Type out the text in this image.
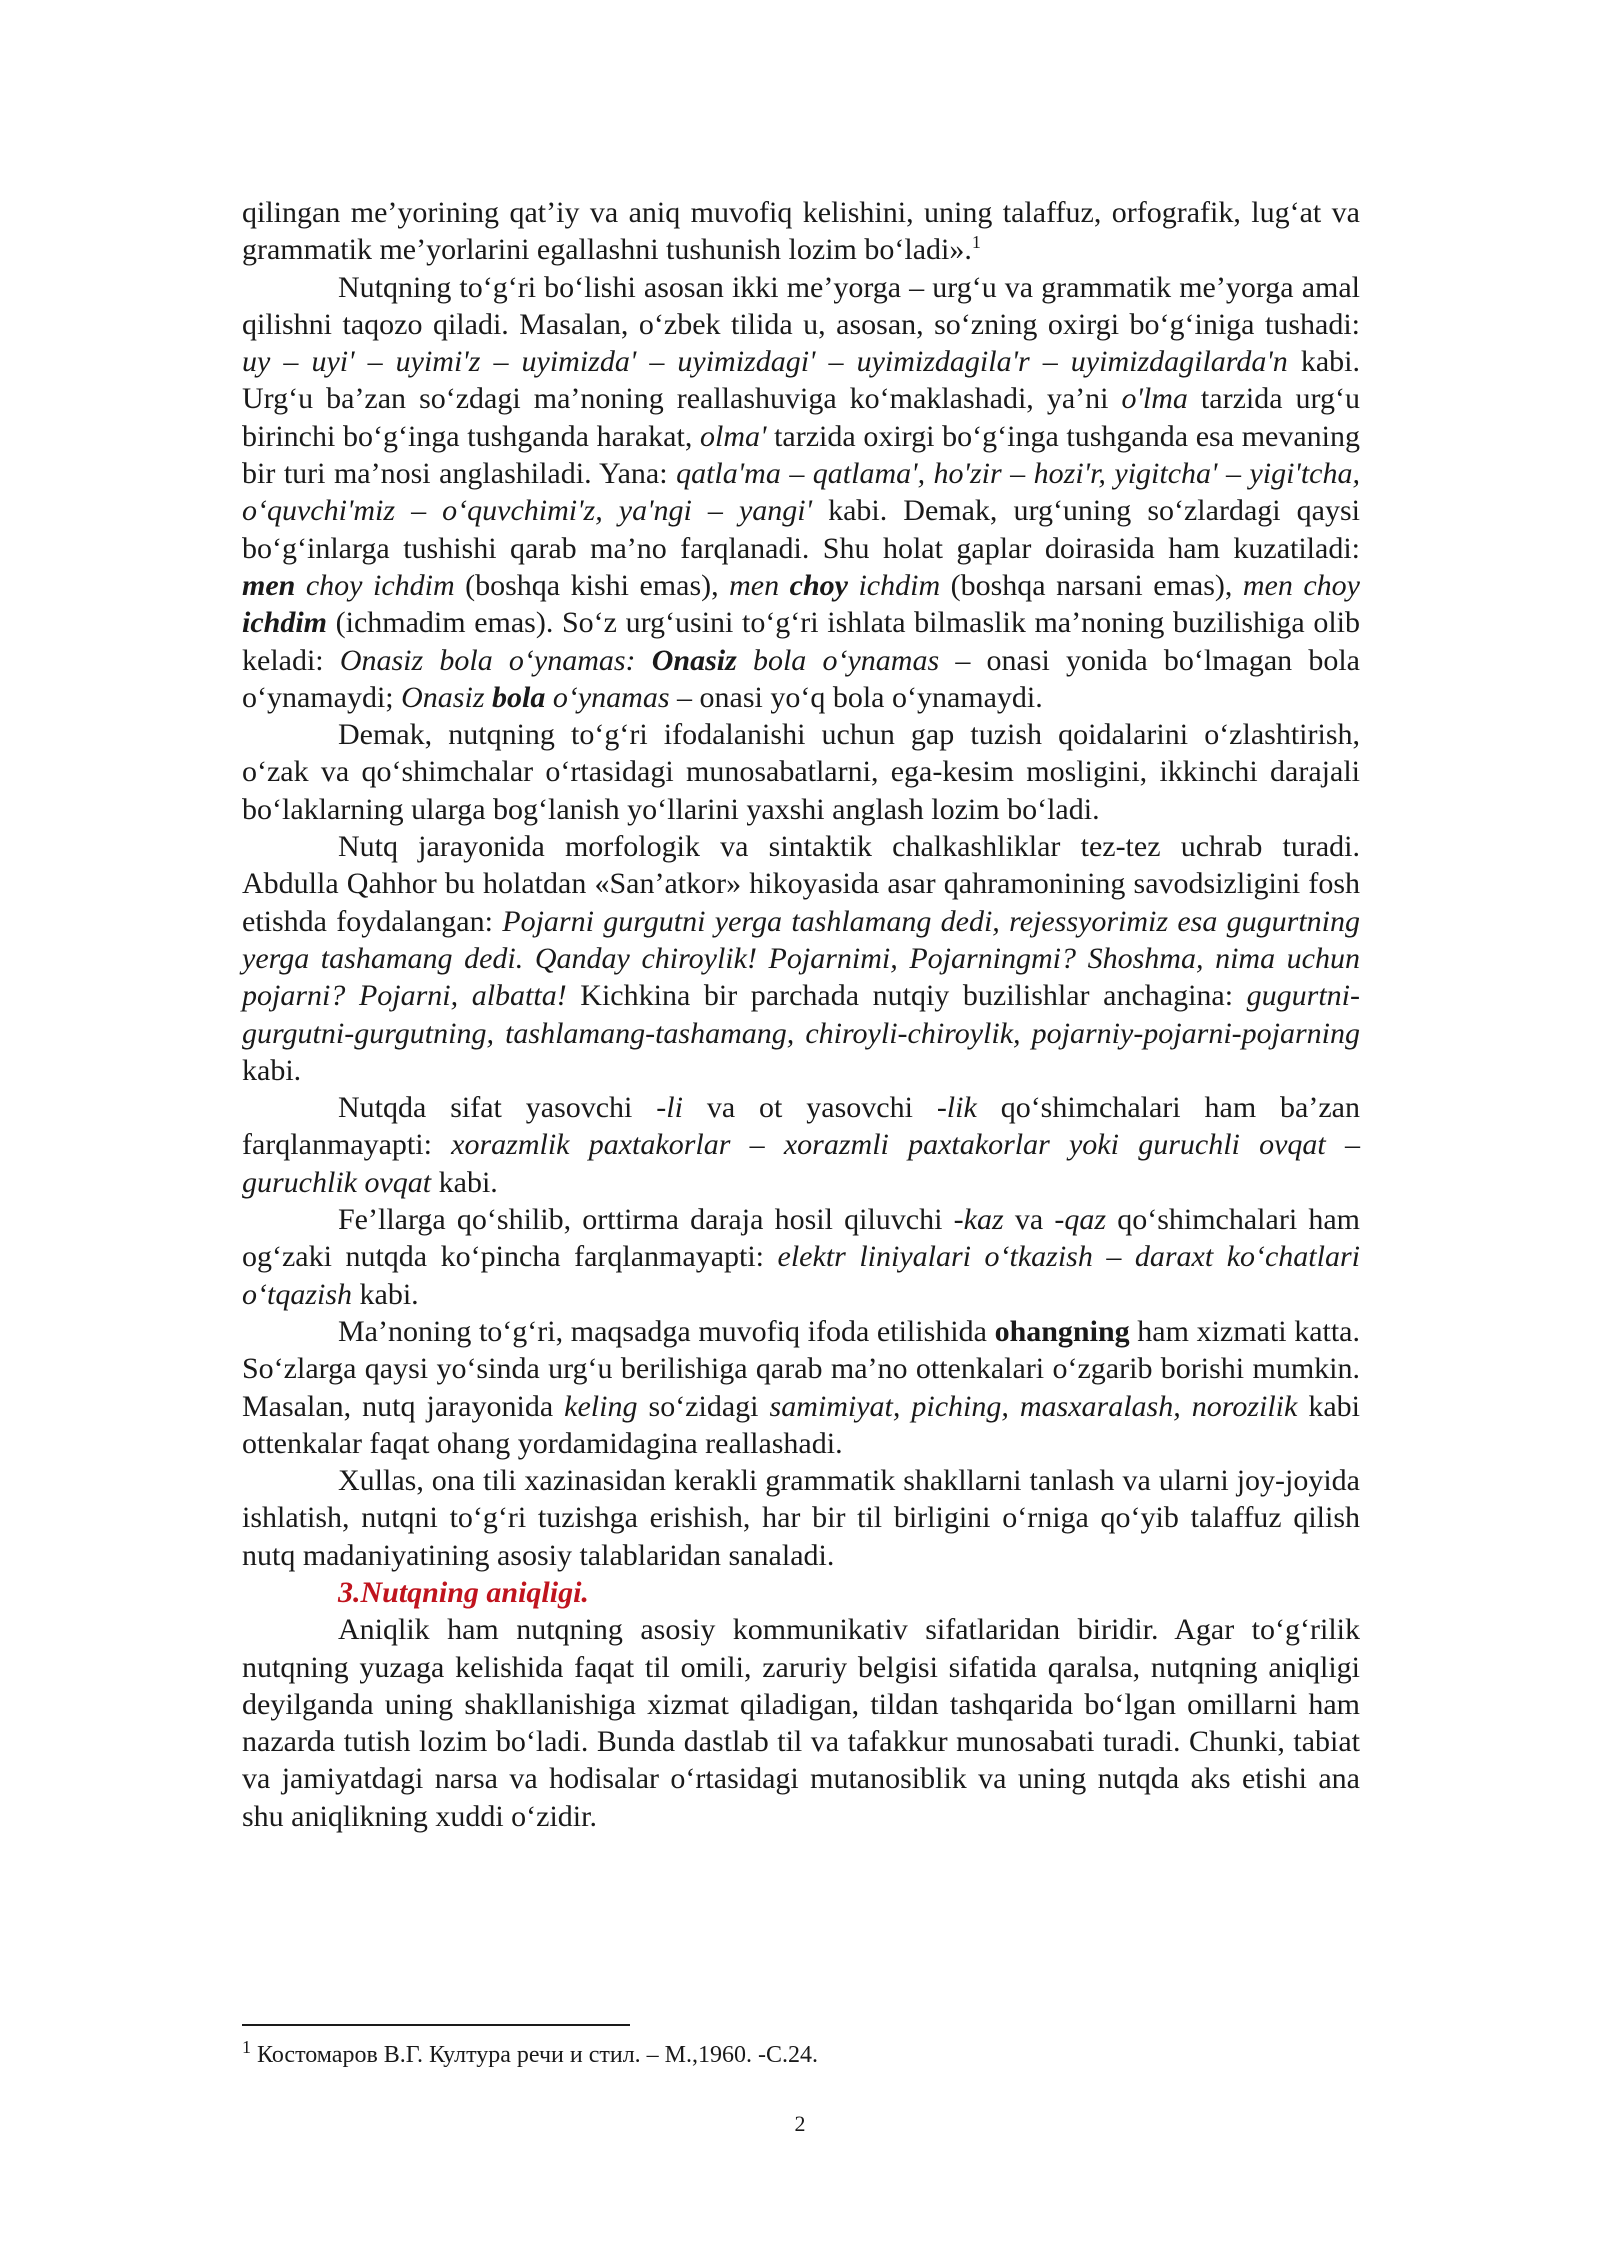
qilingan me’yorining qat’iy va aniq muvofiq kelishini, uning talaffuz, orfografik, lug‘at va grammatik me’yorlarini egallashni tushunish lozim bo‘ladi».$^1$

Nutqning to‘g‘ri bo‘lishi asosan ikki me’yorga – urg‘u va grammatik me’yorga amal qilishni taqozo qiladi. Masalan, o‘zbek tilida u, asosan, so‘zning oxirgi bo‘g‘iniga tushadi: uy – uyi' – uyimi'z – uyimizda' – uyimizdagi' – uyimizdagila'r – uyimizdagilarda'n kabi. Urg‘u ba’zan so‘zdagi ma’noning reallashuviga ko‘maklashadi, ya’ni o'lma tarzida urg‘u birinchi bo‘g‘inga tushganda harakat, olma' tarzida oxirgi bo‘g‘inga tushganda esa mevaning bir turi ma’nosi anglashiladi. Yana: qatla'ma – qatlama', ho'zir – hozi'r, yigitcha' – yigi'tcha, o‘quvchi'miz – o‘quvchimi'z, ya'ngi – yangi' kabi. Demak, urg‘uning so‘zlardagi qaysi bo‘g‘inlarga tushishi qarab ma’no farqlanadi. Shu holat gaplar doirasida ham kuzatiladi: men choy ichdim (boshqa kishi emas), men choy ichdim (boshqa narsani emas), men choy ichdim (ichmadim emas). So‘z urg‘usini to‘g‘ri ishlata bilmaslik ma’noning buzilishiga olib keladi: Onasiz bola o‘ynamas: Onasiz bola o‘ynamas – onasi yonida bo‘lmagan bola o‘ynamaydi; Onasiz bola o‘ynamas – onasi yo‘q bola o‘ynamaydi.

Demak, nutqning to‘g‘ri ifodalanishi uchun gap tuzish qoidalarini o‘zlashtirish, o‘zak va qo‘shimchalar o‘rtasidagi munosabatlarni, ega-kesim mosligini, ikkinchi darajali bo‘laklarning ularga bog‘lanish yo‘llarini yaxshi anglash lozim bo‘ladi.

Nutq jarayonida morfologik va sintaktik chalkashliklar tez-tez uchrab turadi. Abdulla Qahhor bu holatdan «San’atkor» hikoyasida asar qahramonining savodsizligini fosh etishda foydalangan: Pojarni gurgutni yerga tashlamang dedi, rejessyorimiz esa gugurtning yerga tashamang dedi. Qanday chiroylik! Pojarnimi, Pojarningmi? Shoshma, nima uchun pojarni? Pojarni, albatta! Kichkina bir parchada nutqiy buzilishlar anchagina: gugurtni-gurgutni-gurgutning, tashlamang-tashamang, chiroyli-chiroylik, pojarniy-pojarni-pojarning kabi.

Nutqda sifat yasovchi -li va ot yasovchi -lik qo‘shimchalari ham ba’zan farqlanmayapti: xorazmlik paxtakorlar – xorazmli paxtakorlar yoki guruchli ovqat – guruchlik ovqat kabi.

Fe’llarga qo‘shilib, orttirma daraja hosil qiluvchi -kaz va -qaz qo‘shimchalari ham og‘zaki nutqda ko‘pincha farqlanmayapti: elektr liniyalari o‘tkazish – daraxt ko‘chatlari o‘tqazish kabi.

Ma’noning to‘g‘ri, maqsadga muvofiq ifoda etilishida ohangning ham xizmati katta. So‘zlarga qaysi yo‘sinda urg‘u berilishiga qarab ma’no ottenkalari o‘zgarib borishi mumkin. Masalan, nutq jarayonida keling so‘zidagi samimiyat, piching, masxaralash, norozilik kabi ottenkalar faqat ohang yordamidagina reallashadi.

Xullas, ona tili xazinasidan kerakli grammatik shakllarni tanlash va ularni joy-joyida ishlatish, nutqni to‘g‘ri tuzishga erishish, har bir til birligini o‘rniga qo‘yib talaffuz qilish nutq madaniyatining asosiy talablaridan sanaladi.

3.Nutqning aniqligi.

Aniqlik ham nutqning asosiy kommunikativ sifatlaridan biridir. Agar to‘g‘rilik nutqning yuzaga kelishida faqat til omili, zaruriy belgisi sifatida qaralsa, nutqning aniqligi deyilganda uning shakllanishiga xizmat qiladigan, tildan tashqarida bo‘lgan omillarni ham nazarda tutish lozim bo‘ladi. Bunda dastlab til va tafakkur munosabati turadi. Chunki, tabiat va jamiyatdagi narsa va hodisalar o‘rtasidagi mutanosiblik va uning nutqda aks etishi ana shu aniqlikning xuddi o‘zidir.

$^1$ Костомаров В.Г. Култура речи и стил. – М.,1960. -С.24.
2
